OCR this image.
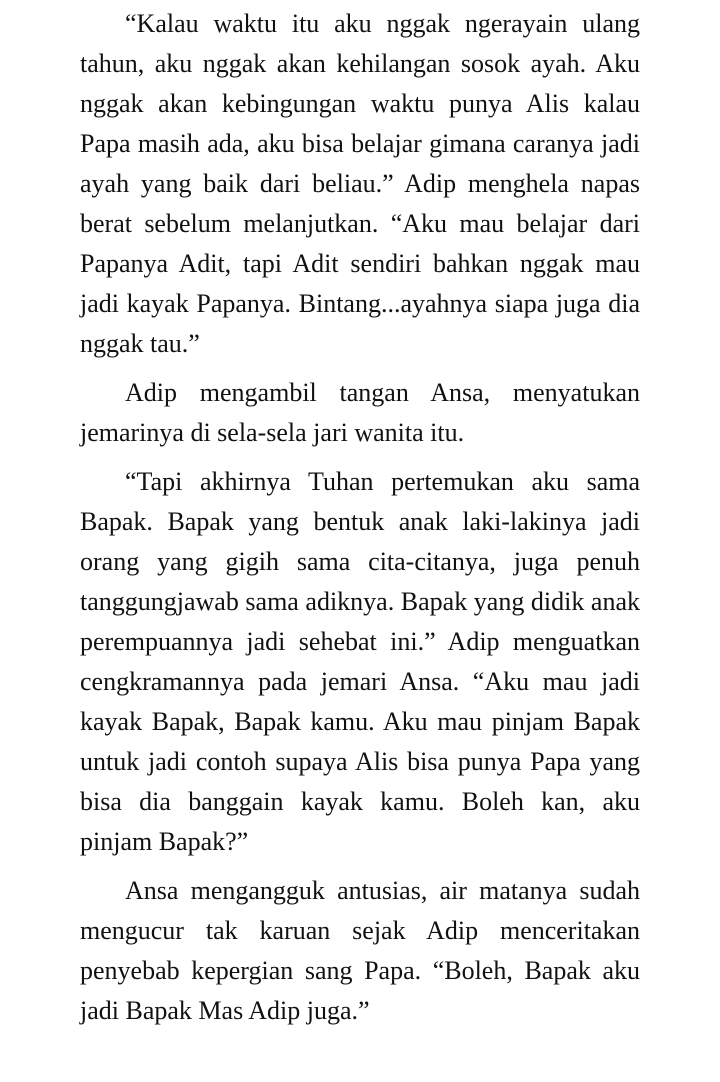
“Kalau waktu itu aku nggak ngerayain ulang tahun, aku nggak akan kehilangan sosok ayah. Aku nggak akan kebingungan waktu punya Alis kalau Papa masih ada, aku bisa belajar gimana caranya jadi ayah yang baik dari beliau.” Adip menghela napas berat sebelum melanjutkan. “Aku mau belajar dari Papanya Adit, tapi Adit sendiri bahkan nggak mau jadi kayak Papanya. Bintang...ayahnya siapa juga dia nggak tau.”

Adip mengambil tangan Ansa, menyatukan jemarinya di sela-sela jari wanita itu.

“Tapi akhirnya Tuhan pertemukan aku sama Bapak. Bapak yang bentuk anak laki-lakinya jadi orang yang gigih sama cita-citanya, juga penuh tanggungjawab sama adiknya. Bapak yang didik anak perempuannya jadi sehebat ini.” Adip menguatkan cengkramannya pada jemari Ansa. “Aku mau jadi kayak Bapak, Bapak kamu. Aku mau pinjam Bapak untuk jadi contoh supaya Alis bisa punya Papa yang bisa dia banggain kayak kamu. Boleh kan, aku pinjam Bapak?”

Ansa mengangguk antusias, air matanya sudah mengucur tak karuan sejak Adip menceritakan penyebab kepergian sang Papa. “Boleh, Bapak aku jadi Bapak Mas Adip juga.”
